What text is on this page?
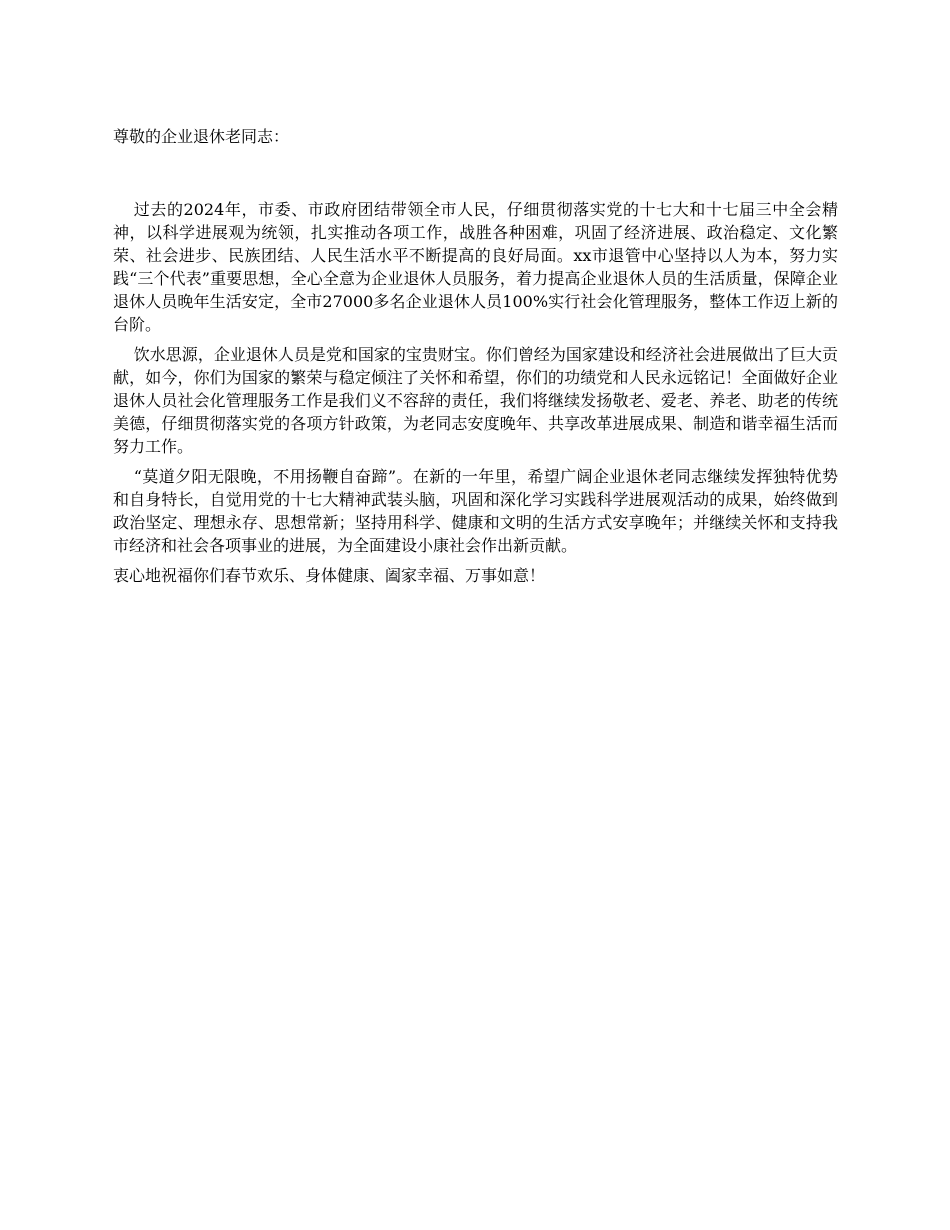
尊敬的企业退休老同志：

过去的2024年，市委、市政府团结带领全市人民，仔细贯彻落实党的十七大和十七届三中全会精神，以科学进展观为统领，扎实推动各项工作，战胜各种困难，巩固了经济进展、政治稳定、文化繁荣、社会进步、民族团结、人民生活水平不断提高的良好局面。xx市退管中心坚持以人为本，努力实践“三个代表”重要思想，全心全意为企业退休人员服务，着力提高企业退休人员的生活质量，保障企业退休人员晚年生活安定，全市27000多名企业退休人员100%实行社会化管理服务，整体工作迈上新的台阶。

饮水思源，企业退休人员是党和国家的宝贵财宝。你们曾经为国家建设和经济社会进展做出了巨大贡献，如今，你们为国家的繁荣与稳定倾注了关怀和希望，你们的功绩党和人民永远铭记！全面做好企业退休人员社会化管理服务工作是我们义不容辞的责任，我们将继续发扬敬老、爱老、养老、助老的传统美德，仔细贯彻落实党的各项方针政策，为老同志安度晚年、共享改革进展成果、制造和谐幸福生活而努力工作。

“莫道夕阳无限晚，不用扬鞭自奋蹄”。在新的一年里，希望广阔企业退休老同志继续发挥独特优势和自身特长，自觉用党的十七大精神武装头脑，巩固和深化学习实践科学进展观活动的成果，始终做到政治坚定、理想永存、思想常新；坚持用科学、健康和文明的生活方式安享晚年；并继续关怀和支持我市经济和社会各项事业的进展，为全面建设小康社会作出新贡献。

衷心地祝福你们春节欢乐、身体健康、阖家幸福、万事如意！
